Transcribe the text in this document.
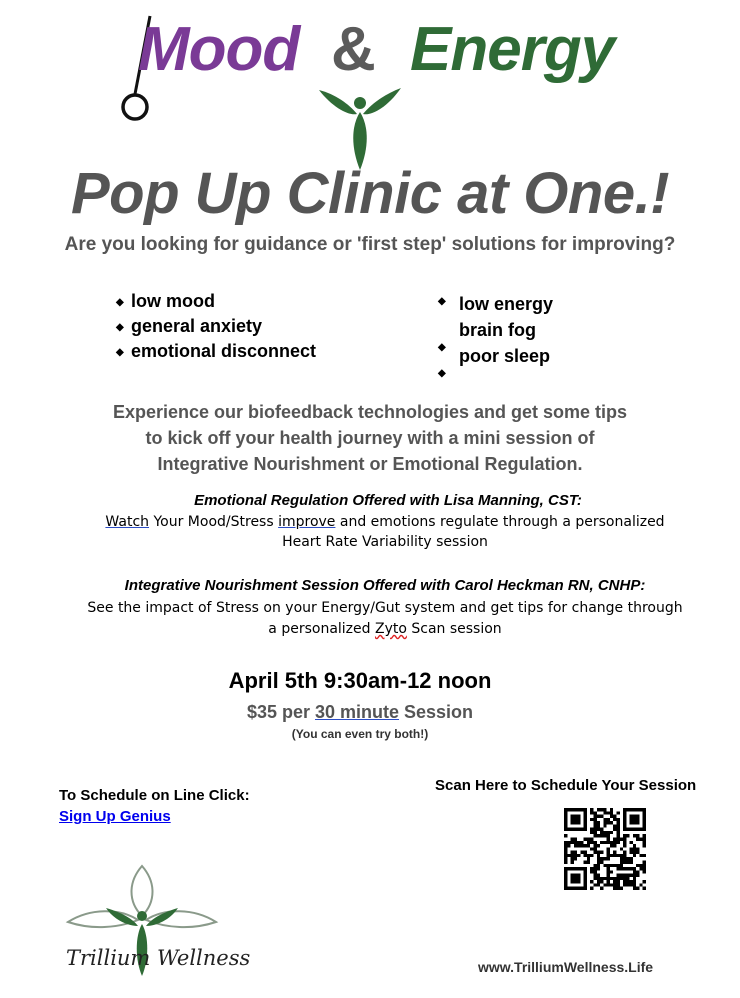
Mood & Energy
Pop Up Clinic at One.!
Are you looking for guidance or 'first step' solutions for improving?
◆ low mood
◆ general anxiety
◆ emotional disconnect
◆
◆
◆
low energy
brain fog
poor sleep
Experience our biofeedback technologies and get some tips
to kick off your health journey with a mini session of
Integrative Nourishment or Emotional Regulation.
Emotional Regulation Offered with Lisa Manning, CST:
Watch Your Mood/Stress improve and emotions regulate through a personalized
Heart Rate Variability session
Integrative Nourishment Session Offered with Carol Heckman RN, CNHP:
See the impact of Stress on your Energy/Gut system and get tips for change through
a personalized Zyto Scan session
April 5th 9:30am-12 noon
$35 per 30 minute Session
(You can even try both!)
To Schedule on Line Click:
Sign Up Genius
Scan Here to Schedule Your Session
Trillium Wellness	www.TrilliumWellness.Life
